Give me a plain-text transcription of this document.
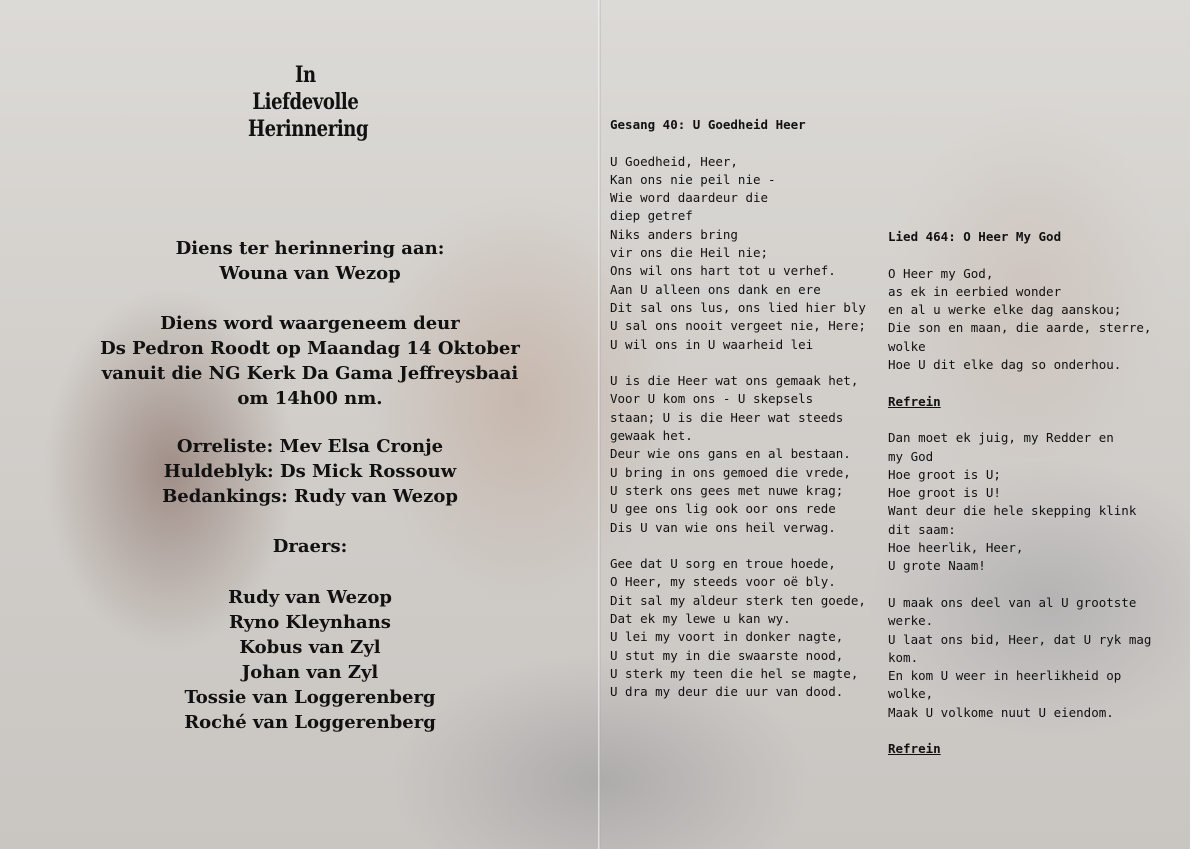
In Liefdevolle
Herinnering
Diens ter herinnering aan:
Wouna van Wezop
Diens word waargeneem deur
Ds Pedron Roodt op Maandag 14 Oktober
vanuit die NG Kerk Da Gama Jeffreysbaai
om 14h00 nm.
Orreliste: Mev Elsa Cronje
Huldeblyk: Ds Mick Rossouw
Bedankings: Rudy van Wezop
Draers:
Rudy van Wezop
Ryno Kleynhans
Kobus van Zyl
Johan van Zyl
Tossie van Loggerenberg
Roché van Loggerenberg
Gesang 40: U Goedheid Heer
U Goedheid, Heer,
Kan ons nie peil nie -
Wie word daardeur die
diep getref
Niks anders bring
vir ons die Heil nie;
Ons wil ons hart tot u verhef.
Aan U alleen ons dank en ere
Dit sal ons lus, ons lied hier bly
U sal ons nooit vergeet nie, Here;
U wil ons in U waarheid lei
U is die Heer wat ons gemaak het,
Voor U kom ons - U skepsels
staan; U is die Heer wat steeds
gewaak het.
Deur wie ons gans en al bestaan.
U bring in ons gemoed die vrede,
U sterk ons gees met nuwe krag;
U gee ons lig ook oor ons rede
Dis U van wie ons heil verwag.
Gee dat U sorg en troue hoede,
O Heer, my steeds voor oë bly.
Dit sal my aldeur sterk ten goede,
Dat ek my lewe u kan wy.
U lei my voort in donker nagte,
U stut my in die swaarste nood,
U sterk my teen die hel se magte,
U dra my deur die uur van dood.
Lied 464: O Heer My God
O Heer my God,
as ek in eerbied wonder
en al u werke elke dag aanskou;
Die son en maan, die aarde, sterre,
wolke
Hoe U dit elke dag so onderhou.
Refrein
Dan moet ek juig, my Redder en
my God
Hoe groot is U;
Hoe groot is U!
Want deur die hele skepping klink
dit saam:
Hoe heerlik, Heer,
U grote Naam!
U maak ons deel van al U grootste
werke.
U laat ons bid, Heer, dat U ryk mag
kom.
En kom U weer in heerlikheid op
wolke,
Maak U volkome nuut U eiendom.
Refrein
